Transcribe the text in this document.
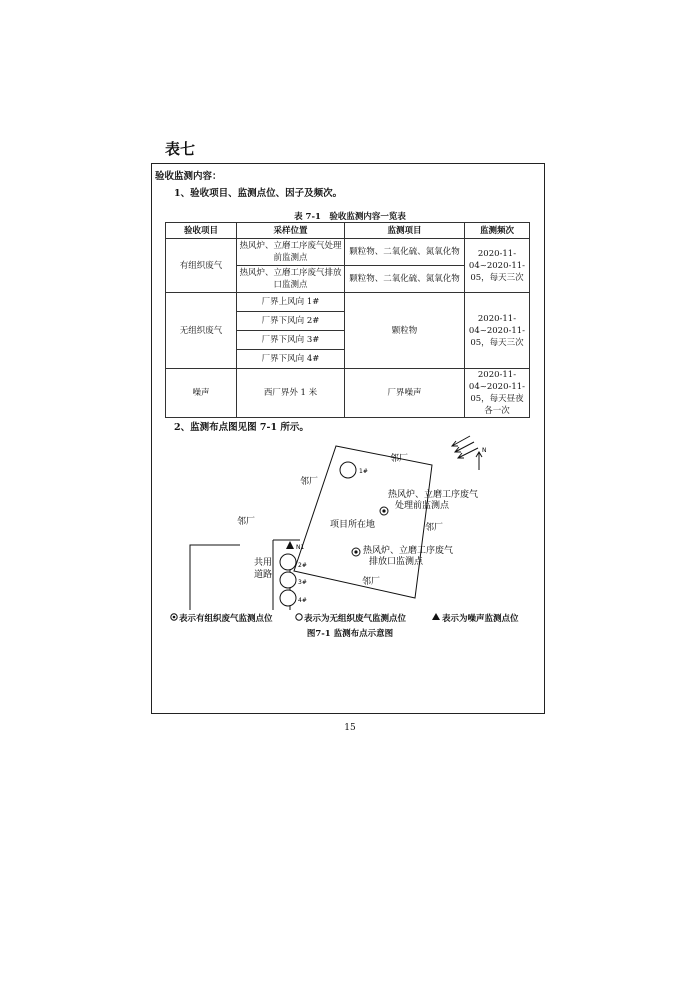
表七
验收监测内容：
1、验收项目、监测点位、因子及频次。
表 7-1　验收监测内容一览表
验收项目	采样位置	监测项目	监测频次
有组织废气	热风炉、立磨工序废气处理前监测点	颗粒物、二氧化硫、氮氧化物	2020-11-04~2020-11-05，每天三次
	热风炉、立磨工序废气排放口监测点	颗粒物、二氧化硫、氮氧化物	
无组织废气	厂界上风向 1#	颗粒物	2020-11-04~2020-11-05，每天三次
	厂界下风向 2#		
	厂界下风向 3#		
	厂界下风向 4#		
噪声	西厂界外 1 米	厂界噪声	2020-11-04~2020-11-05，每天昼夜各一次
2、监测布点图见图 7-1 所示。
邻厂
邻厂
邻厂
邻厂
邻厂
项目所在地
热风炉、立磨工序废气
处理前监测点
热风炉、立磨工序废气
排放口监测点
共用
道路
1#
2#
3#
4#
N1
N
表示有组织废气监测点位	表示为无组织废气监测点位	表示为噪声监测点位
图7-1 监测布点示意图
15
